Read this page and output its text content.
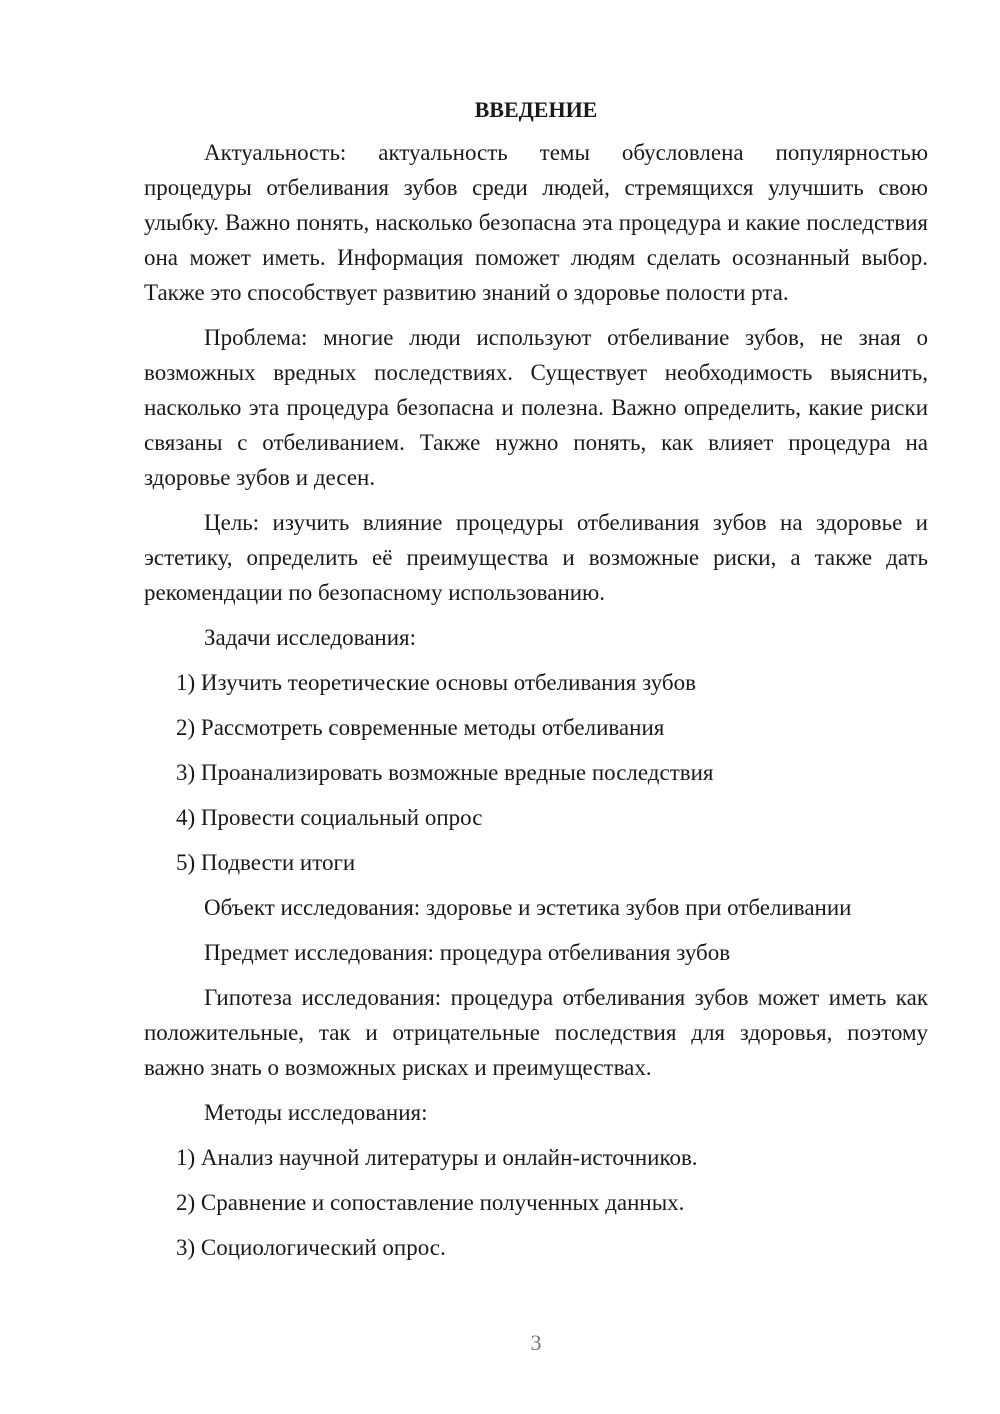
ВВЕДЕНИЕ
Актуальность: актуальность темы обусловлена популярностью процедуры отбеливания зубов среди людей, стремящихся улучшить свою улыбку. Важно понять, насколько безопасна эта процедура и какие последствия она может иметь. Информация поможет людям сделать осознанный выбор. Также это способствует развитию знаний о здоровье полости рта.
Проблема: многие люди используют отбеливание зубов, не зная о возможных вредных последствиях. Существует необходимость выяснить, насколько эта процедура безопасна и полезна. Важно определить, какие риски связаны с отбеливанием. Также нужно понять, как влияет процедура на здоровье зубов и десен.
Цель: изучить влияние процедуры отбеливания зубов на здоровье и эстетику, определить её преимущества и возможные риски, а также дать рекомендации по безопасному использованию.
Задачи исследования:
1) Изучить теоретические основы отбеливания зубов
2) Рассмотреть современные методы отбеливания
3) Проанализировать возможные вредные последствия
4) Провести социальный опрос
5) Подвести итоги
Объект исследования: здоровье и эстетика зубов при отбеливании
Предмет исследования: процедура отбеливания зубов
Гипотеза исследования: процедура отбеливания зубов может иметь как положительные, так и отрицательные последствия для здоровья, поэтому важно знать о возможных рисках и преимуществах.
Методы исследования:
1) Анализ научной литературы и онлайн-источников.
2) Сравнение и сопоставление полученных данных.
3) Социологический опрос.
3
